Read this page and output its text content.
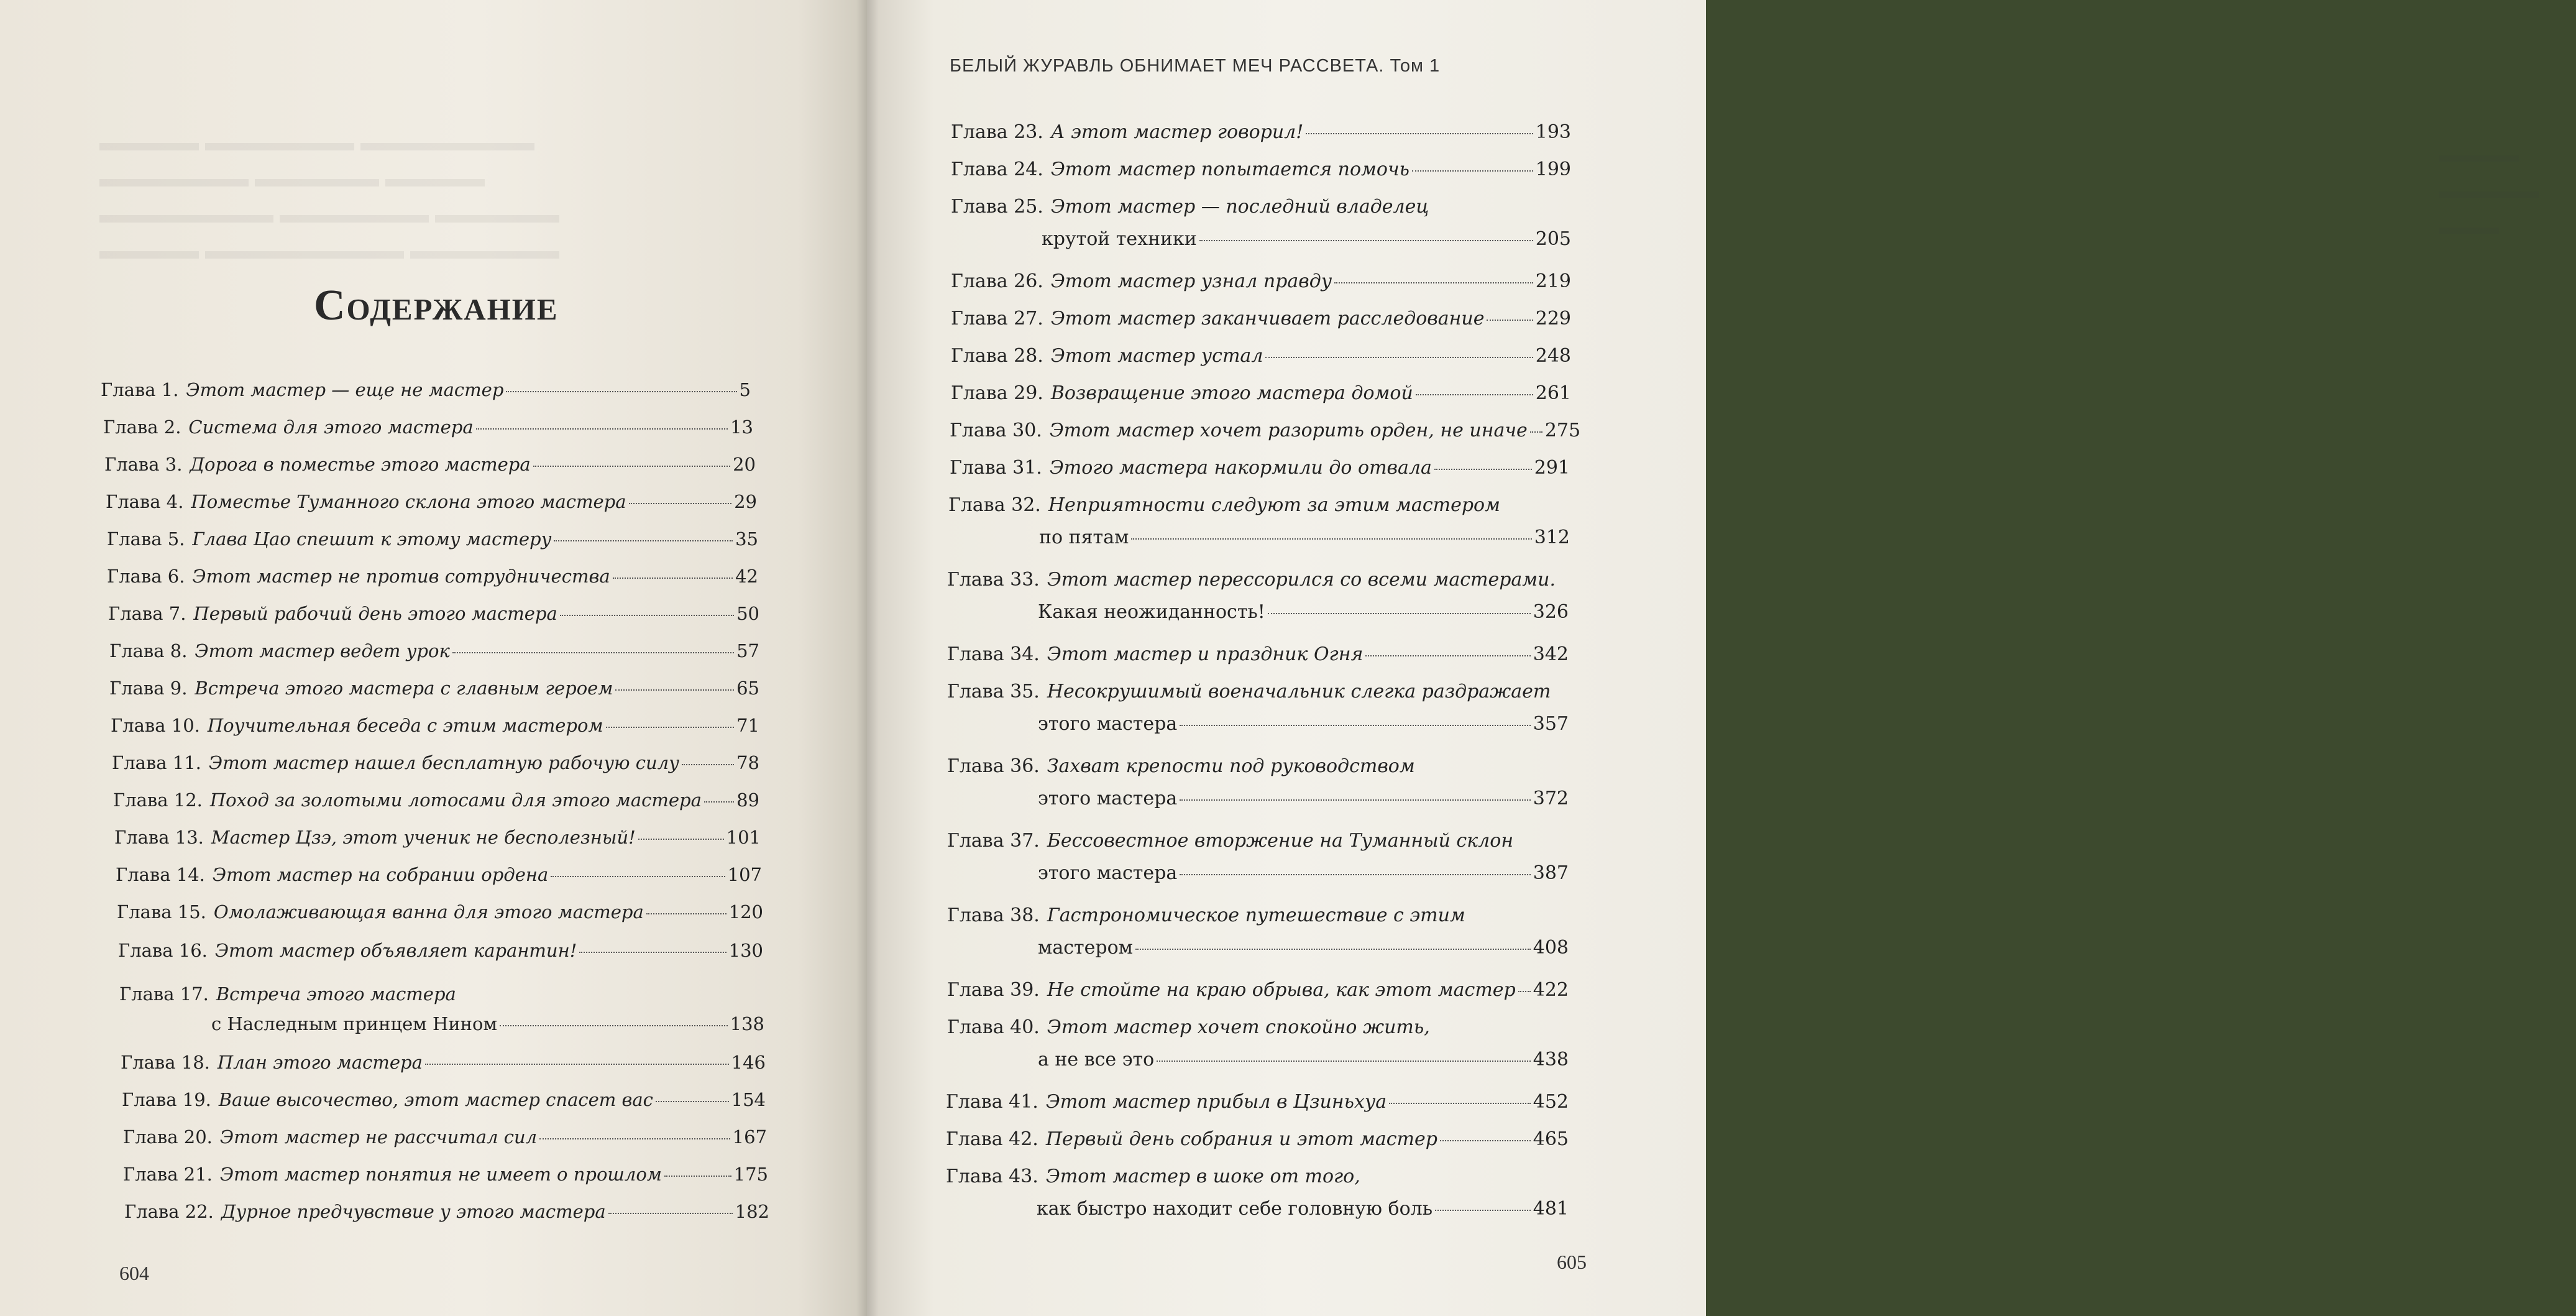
▬▬▬▬ ▬▬▬▬▬▬ ▬▬▬▬▬▬▬

▬▬▬▬▬▬ ▬▬▬▬▬ ▬▬▬▬

▬▬▬▬▬▬▬ ▬▬▬▬▬▬ ▬▬▬▬▬

▬▬▬▬ ▬▬▬▬▬▬▬▬ ▬▬▬▬▬▬

Содержание
Глава 1. Этот мастер — еще не мастер	5
Глава 2. Система для этого мастера	13
Глава 3. Дорога в поместье этого мастера	20
Глава 4. Поместье Туманного склона этого мастера	29
Глава 5. Глава Цао спешит к этому мастеру	35
Глава 6. Этот мастер не против сотрудничества	42
Глава 7. Первый рабочий день этого мастера	50
Глава 8. Этот мастер ведет урок	57
Глава 9. Встреча этого мастера с главным героем	65
Глава 10. Поучительная беседа с этим мастером	71
Глава 11. Этот мастер нашел бесплатную рабочую силу	78
Глава 12. Поход за золотыми лотосами для этого мастера 89
Глава 13. Мастер Цзэ, этот ученик не бесполезный!	101
Глава 14. Этот мастер на собрании ордена	107
Глава 15. Омолаживающая ванна для этого мастера	120
Глава 16. Этот мастер объявляет карантин!	130
Глава 17. Встреча этого мастера
с Наследным принцем Нином	138
Глава 18. План этого мастера	146
Глава 19. Ваше высочество, этот мастер спасет вас	154
Глава 20. Этот мастер не рассчитал сил	167
Глава 21. Этот мастер понятия не имеет о прошлом	175
Глава 22. Дурное предчувствие у этого мастера	182
604

▬▬▬▬

▬▬▬▬▬

▬▬▬

БЕЛЫЙ ЖУРАВЛЬ ОБНИМАЕТ МЕЧ РАССВЕТА. Том 1
Глава 23. А этот мастер говорил!	193
Глава 24. Этот мастер попытается помочь	199
Глава 25. Этот мастер — последний владелец
крутой техники	205
Глава 26. Этот мастер узнал правду	219
Глава 27. Этот мастер заканчивает расследование	229
Глава 28. Этот мастер устал	248
Глава 29. Возвращение этого мастера домой	261
Глава 30. Этот мастер хочет разорить орден, не иначе 275
Глава 31. Этого мастера накормили до отвала	291
Глава 32. Неприятности следуют за этим мастером
по пятам	312
Глава 33. Этот мастер перессорился со всеми мастерами.
Какая неожиданность!	326
Глава 34. Этот мастер и праздник Огня	342
Глава 35. Несокрушимый военачальник слегка раздражает
этого мастера	357
Глава 36. Захват крепости под руководством
этого мастера	372
Глава 37. Бессовестное вторжение на Туманный склон
этого мастера	387
Глава 38. Гастрономическое путешествие с этим
мастером	408
Глава 39. Не стойте на краю обрыва, как этот мастер 422
Глава 40. Этот мастер хочет спокойно жить,
а не все это	438
Глава 41. Этот мастер прибыл в Цзиньхуа	452
Глава 42. Первый день собрания и этот мастер	465
Глава 43. Этот мастер в шоке от того,
как быстро находит себе головную боль	481
605
